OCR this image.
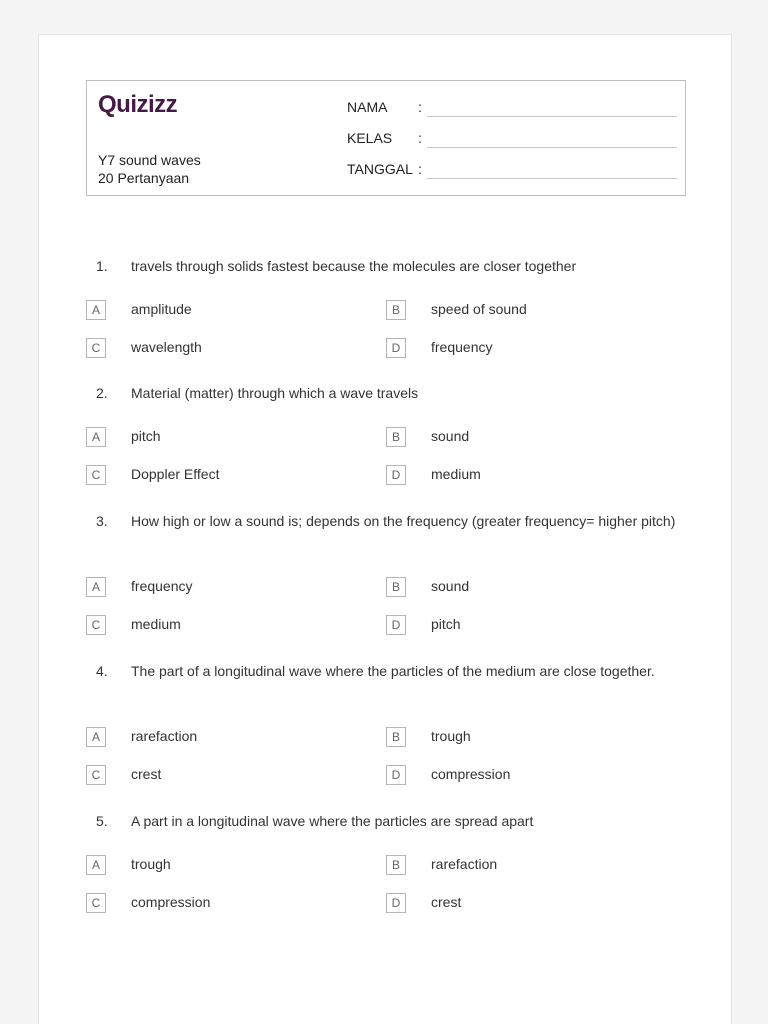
Quizizz
Y7 sound waves
20 Pertanyaan
NAMA :
KELAS :
TANGGAL :
1. travels through solids fastest because the molecules are closer together
A	amplitude	B	speed of sound
C	wavelength	D	frequency
2. Material (matter) through which a wave travels
A	pitch	B	sound
C	Doppler Effect	D	medium
3. How high or low a sound is; depends on the frequency (greater frequency= higher pitch)
A	frequency	B	sound
C	medium	D	pitch
4. The part of a longitudinal wave where the particles of the medium are close together.
A	rarefaction	B	trough
C	crest	D	compression
5. A part in a longitudinal wave where the particles are spread apart
A	trough	B	rarefaction
C	compression	D	crest
